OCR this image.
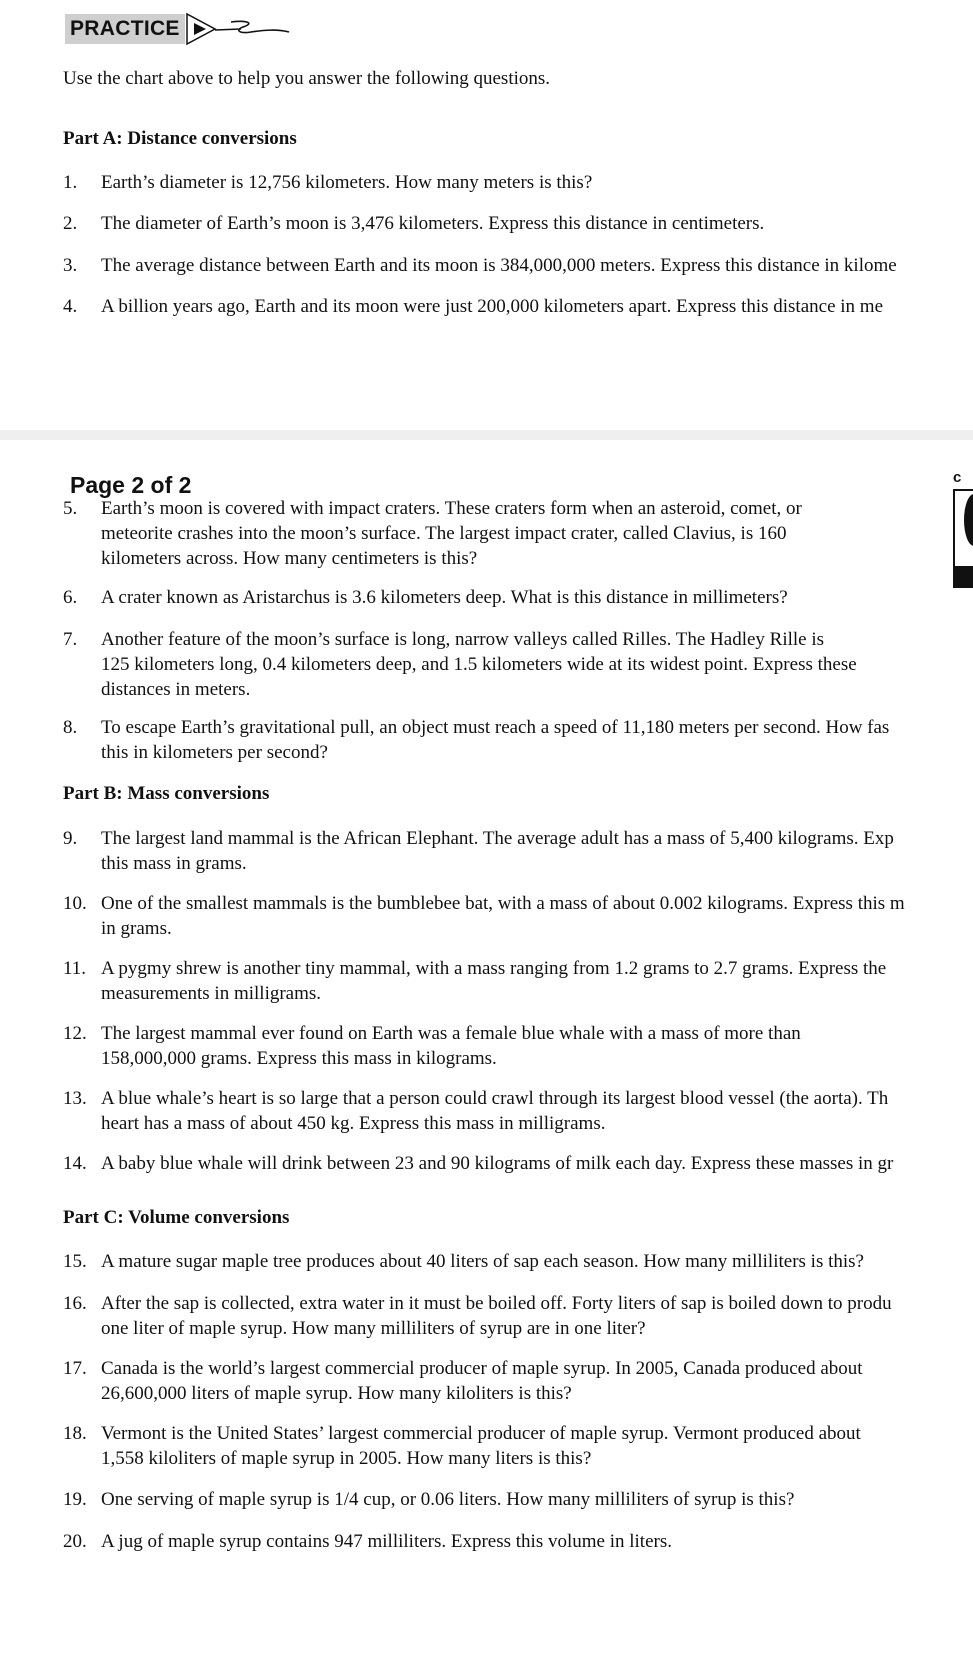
PRACTICE
Use the chart above to help you answer the following questions.
Part A: Distance conversions
1.	Earth’s diameter is 12,756 kilometers. How many meters is this?
2.	The diameter of Earth’s moon is 3,476 kilometers. Express this distance in centimeters.
3.	The average distance between Earth and its moon is 384,000,000 meters. Express this distance in kilome
4.	A billion years ago, Earth and its moon were just 200,000 kilometers apart. Express this distance in me
Page 2 of 2	c
5.	Earth’s moon is covered with impact craters. These craters form when an asteroid, comet, or
meteorite crashes into the moon’s surface. The largest impact crater, called Clavius, is 160
kilometers across. How many centimeters is this?
6.	A crater known as Aristarchus is 3.6 kilometers deep. What is this distance in millimeters?
7.	Another feature of the moon’s surface is long, narrow valleys called Rilles. The Hadley Rille is
125 kilometers long, 0.4 kilometers deep, and 1.5 kilometers wide at its widest point. Express these
distances in meters.
8.	To escape Earth’s gravitational pull, an object must reach a speed of 11,180 meters per second. How fas
this in kilometers per second?
Part B: Mass conversions
9.	The largest land mammal is the African Elephant. The average adult has a mass of 5,400 kilograms. Exp
this mass in grams.
10. One of the smallest mammals is the bumblebee bat, with a mass of about 0.002 kilograms. Express this m
in grams.
11. A pygmy shrew is another tiny mammal, with a mass ranging from 1.2 grams to 2.7 grams. Express the
measurements in milligrams.
12. The largest mammal ever found on Earth was a female blue whale with a mass of more than
158,000,000 grams. Express this mass in kilograms.
13. A blue whale’s heart is so large that a person could crawl through its largest blood vessel (the aorta). Th
heart has a mass of about 450 kg. Express this mass in milligrams.
14. A baby blue whale will drink between 23 and 90 kilograms of milk each day. Express these masses in gr
Part C: Volume conversions
15. A mature sugar maple tree produces about 40 liters of sap each season. How many milliliters is this?
16. After the sap is collected, extra water in it must be boiled off. Forty liters of sap is boiled down to produ
one liter of maple syrup. How many milliliters of syrup are in one liter?
17. Canada is the world’s largest commercial producer of maple syrup. In 2005, Canada produced about
26,600,000 liters of maple syrup. How many kiloliters is this?
18. Vermont is the United States’ largest commercial producer of maple syrup. Vermont produced about
1,558 kiloliters of maple syrup in 2005. How many liters is this?
19. One serving of maple syrup is 1/4 cup, or 0.06 liters. How many milliliters of syrup is this?
20. A jug of maple syrup contains 947 milliliters. Express this volume in liters.
